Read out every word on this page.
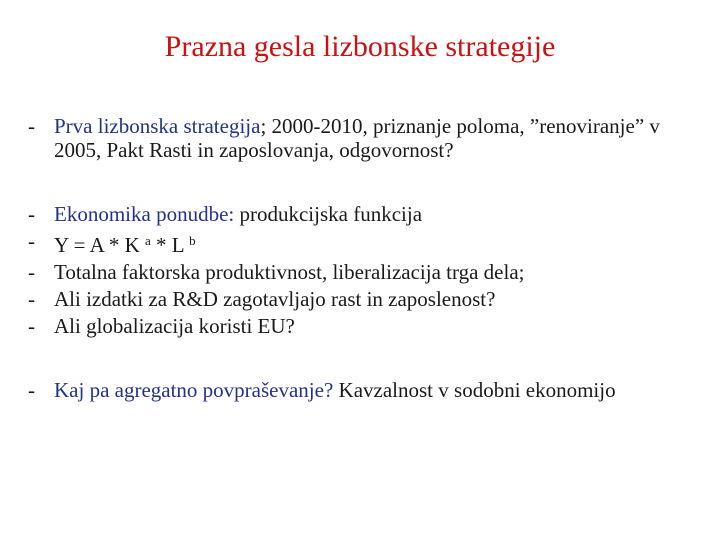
Prazna gesla lizbonske strategije
- Prva lizbonska strategija; 2000-2010, priznanje poloma, ”renoviranje” v 2005, Pakt Rasti in zaposlovanja, odgovornost?
- Ekonomika ponudbe: produkcijska funkcija
- Y = A * K $^a$ * L $^b$
- Totalna faktorska produktivnost, liberalizacija trga dela;
- Ali izdatki za R&D zagotavljajo rast in zaposlenost?
- Ali globalizacija koristi EU?
- Kaj pa agregatno povpraševanje? Kavzalnost v sodobni ekonomijo
